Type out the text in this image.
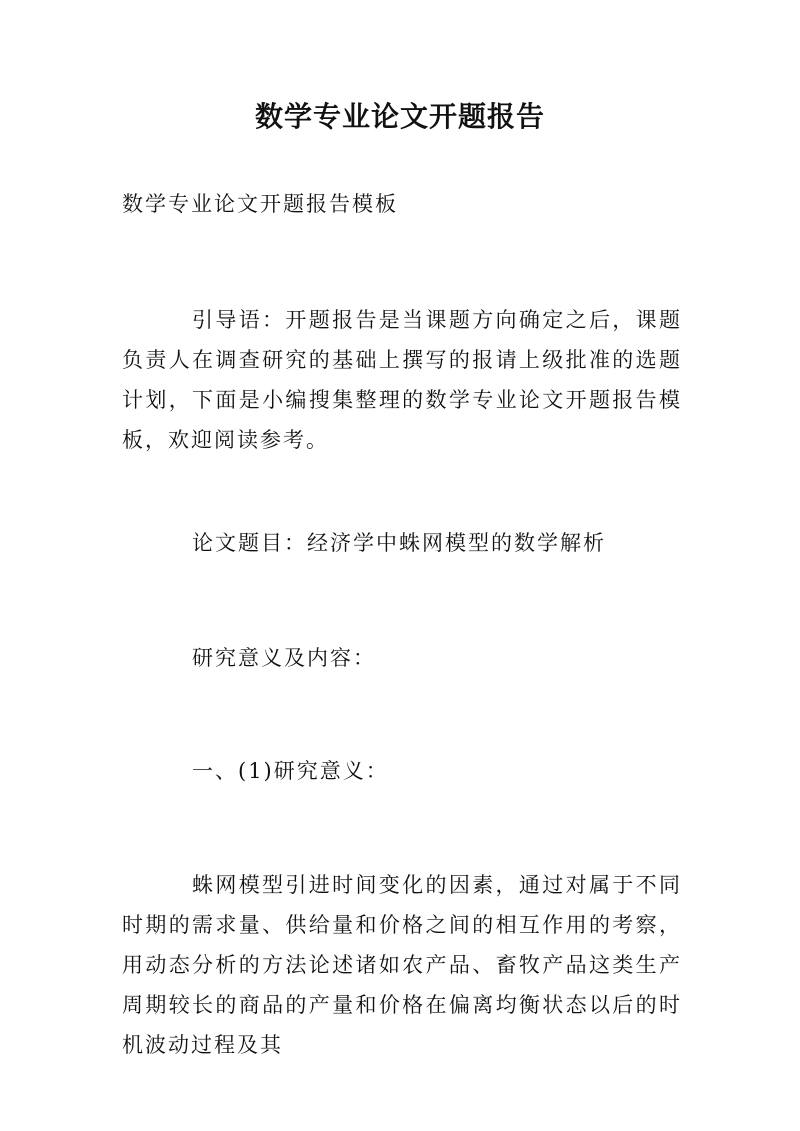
数学专业论文开题报告

数学专业论文开题报告模板

引导语：开题报告是当课题方向确定之后，课题负责人在调查研究的基础上撰写的报请上级批准的选题计划，下面是小编搜集整理的数学专业论文开题报告模板，欢迎阅读参考。

论文题目：经济学中蛛网模型的数学解析

研究意义及内容：

一、(1)研究意义：

蛛网模型引进时间变化的因素，通过对属于不同时期的需求量、供给量和价格之间的相互作用的考察，用动态分析的方法论述诸如农产品、畜牧产品这类生产周期较长的商品的产量和价格在偏离均衡状态以后的时机波动过程及其
